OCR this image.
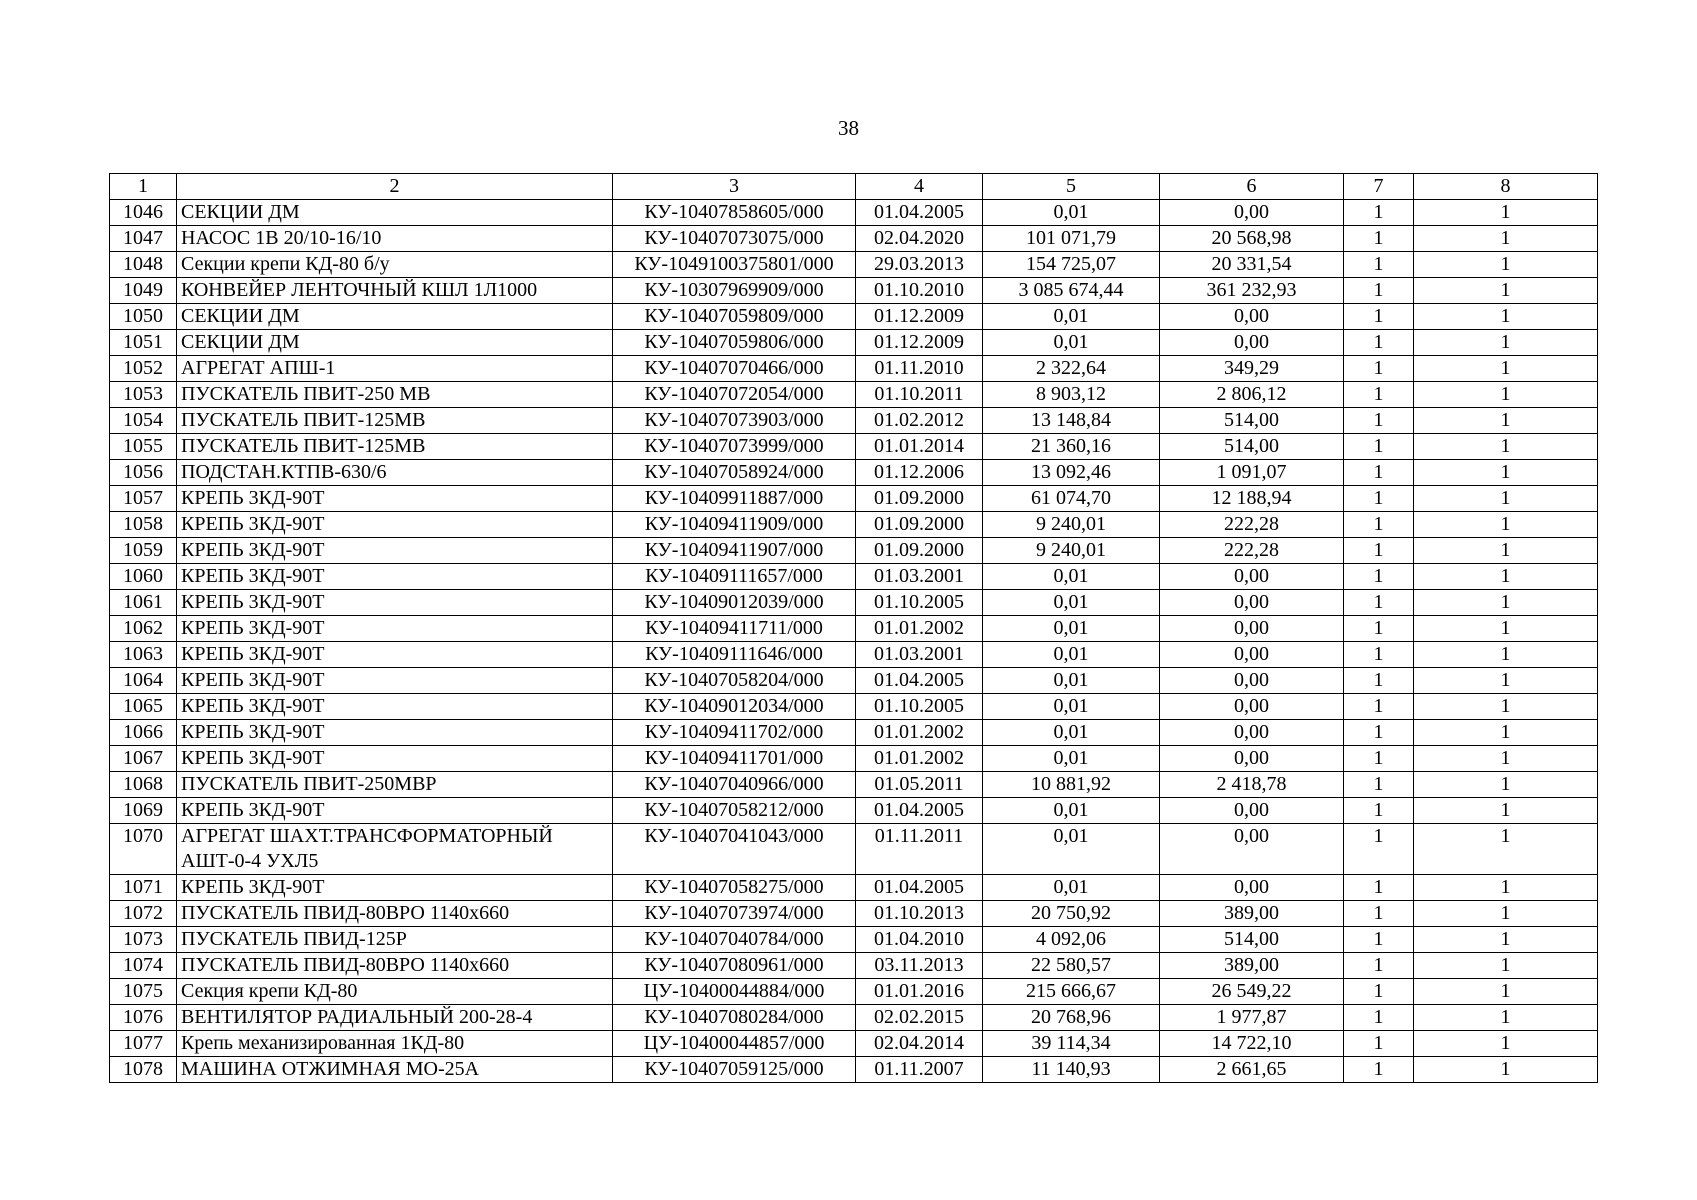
38
1	2	3	4	5	6	7	8
1046	СЕКЦИИ ДМ	КУ-10407858605/000	01.04.2005	0,01	0,00	1	1
1047	НАСОС 1В 20/10-16/10	КУ-10407073075/000	02.04.2020	101 071,79	20 568,98	1	1
1048	Секции крепи КД-80 б/у	КУ-1049100375801/000	29.03.2013	154 725,07	20 331,54	1	1
1049	КОНВЕЙЕР ЛЕНТОЧНЫЙ КШЛ 1Л1000	КУ-10307969909/000	01.10.2010	3 085 674,44	361 232,93	1	1
1050	СЕКЦИИ ДМ	КУ-10407059809/000	01.12.2009	0,01	0,00	1	1
1051	СЕКЦИИ ДМ	КУ-10407059806/000	01.12.2009	0,01	0,00	1	1
1052	АГРЕГАТ АПШ-1	КУ-10407070466/000	01.11.2010	2 322,64	349,29	1	1
1053	ПУСКАТЕЛЬ ПВИТ-250 МВ	КУ-10407072054/000	01.10.2011	8 903,12	2 806,12	1	1
1054	ПУСКАТЕЛЬ ПВИТ-125МВ	КУ-10407073903/000	01.02.2012	13 148,84	514,00	1	1
1055	ПУСКАТЕЛЬ ПВИТ-125МВ	КУ-10407073999/000	01.01.2014	21 360,16	514,00	1	1
1056	ПОДСТАН.КТПВ-630/6	КУ-10407058924/000	01.12.2006	13 092,46	1 091,07	1	1
1057	КРЕПЬ 3КД-90Т	КУ-10409911887/000	01.09.2000	61 074,70	12 188,94	1	1
1058	КРЕПЬ 3КД-90Т	КУ-10409411909/000	01.09.2000	9 240,01	222,28	1	1
1059	КРЕПЬ 3КД-90Т	КУ-10409411907/000	01.09.2000	9 240,01	222,28	1	1
1060	КРЕПЬ 3КД-90Т	КУ-10409111657/000	01.03.2001	0,01	0,00	1	1
1061	КРЕПЬ 3КД-90Т	КУ-10409012039/000	01.10.2005	0,01	0,00	1	1
1062	КРЕПЬ 3КД-90Т	КУ-10409411711/000	01.01.2002	0,01	0,00	1	1
1063	КРЕПЬ 3КД-90Т	КУ-10409111646/000	01.03.2001	0,01	0,00	1	1
1064	КРЕПЬ 3КД-90Т	КУ-10407058204/000	01.04.2005	0,01	0,00	1	1
1065	КРЕПЬ 3КД-90Т	КУ-10409012034/000	01.10.2005	0,01	0,00	1	1
1066	КРЕПЬ 3КД-90Т	КУ-10409411702/000	01.01.2002	0,01	0,00	1	1
1067	КРЕПЬ 3КД-90Т	КУ-10409411701/000	01.01.2002	0,01	0,00	1	1
1068	ПУСКАТЕЛЬ ПВИТ-250МВР	КУ-10407040966/000	01.05.2011	10 881,92	2 418,78	1	1
1069	КРЕПЬ 3КД-90Т	КУ-10407058212/000	01.04.2005	0,01	0,00	1	1
1070	АГРЕГАТ ШАХТ.ТРАНСФОРМАТОРНЫЙ АШТ-0-4 УХЛ5	КУ-10407041043/000	01.11.2011	0,01	0,00	1	1
1071	КРЕПЬ 3КД-90Т	КУ-10407058275/000	01.04.2005	0,01	0,00	1	1
1072	ПУСКАТЕЛЬ ПВИД-80ВРО 1140х660	КУ-10407073974/000	01.10.2013	20 750,92	389,00	1	1
1073	ПУСКАТЕЛЬ ПВИД-125Р	КУ-10407040784/000	01.04.2010	4 092,06	514,00	1	1
1074	ПУСКАТЕЛЬ ПВИД-80ВРО 1140х660	КУ-10407080961/000	03.11.2013	22 580,57	389,00	1	1
1075	Секция крепи КД-80	ЦУ-10400044884/000	01.01.2016	215 666,67	26 549,22	1	1
1076	ВЕНТИЛЯТОР РАДИАЛЬНЫЙ 200-28-4	КУ-10407080284/000	02.02.2015	20 768,96	1 977,87	1	1
1077	Крепь механизированная 1КД-80	ЦУ-10400044857/000	02.04.2014	39 114,34	14 722,10	1	1
1078	МАШИНА ОТЖИМНАЯ МО-25А	КУ-10407059125/000	01.11.2007	11 140,93	2 661,65	1	1
